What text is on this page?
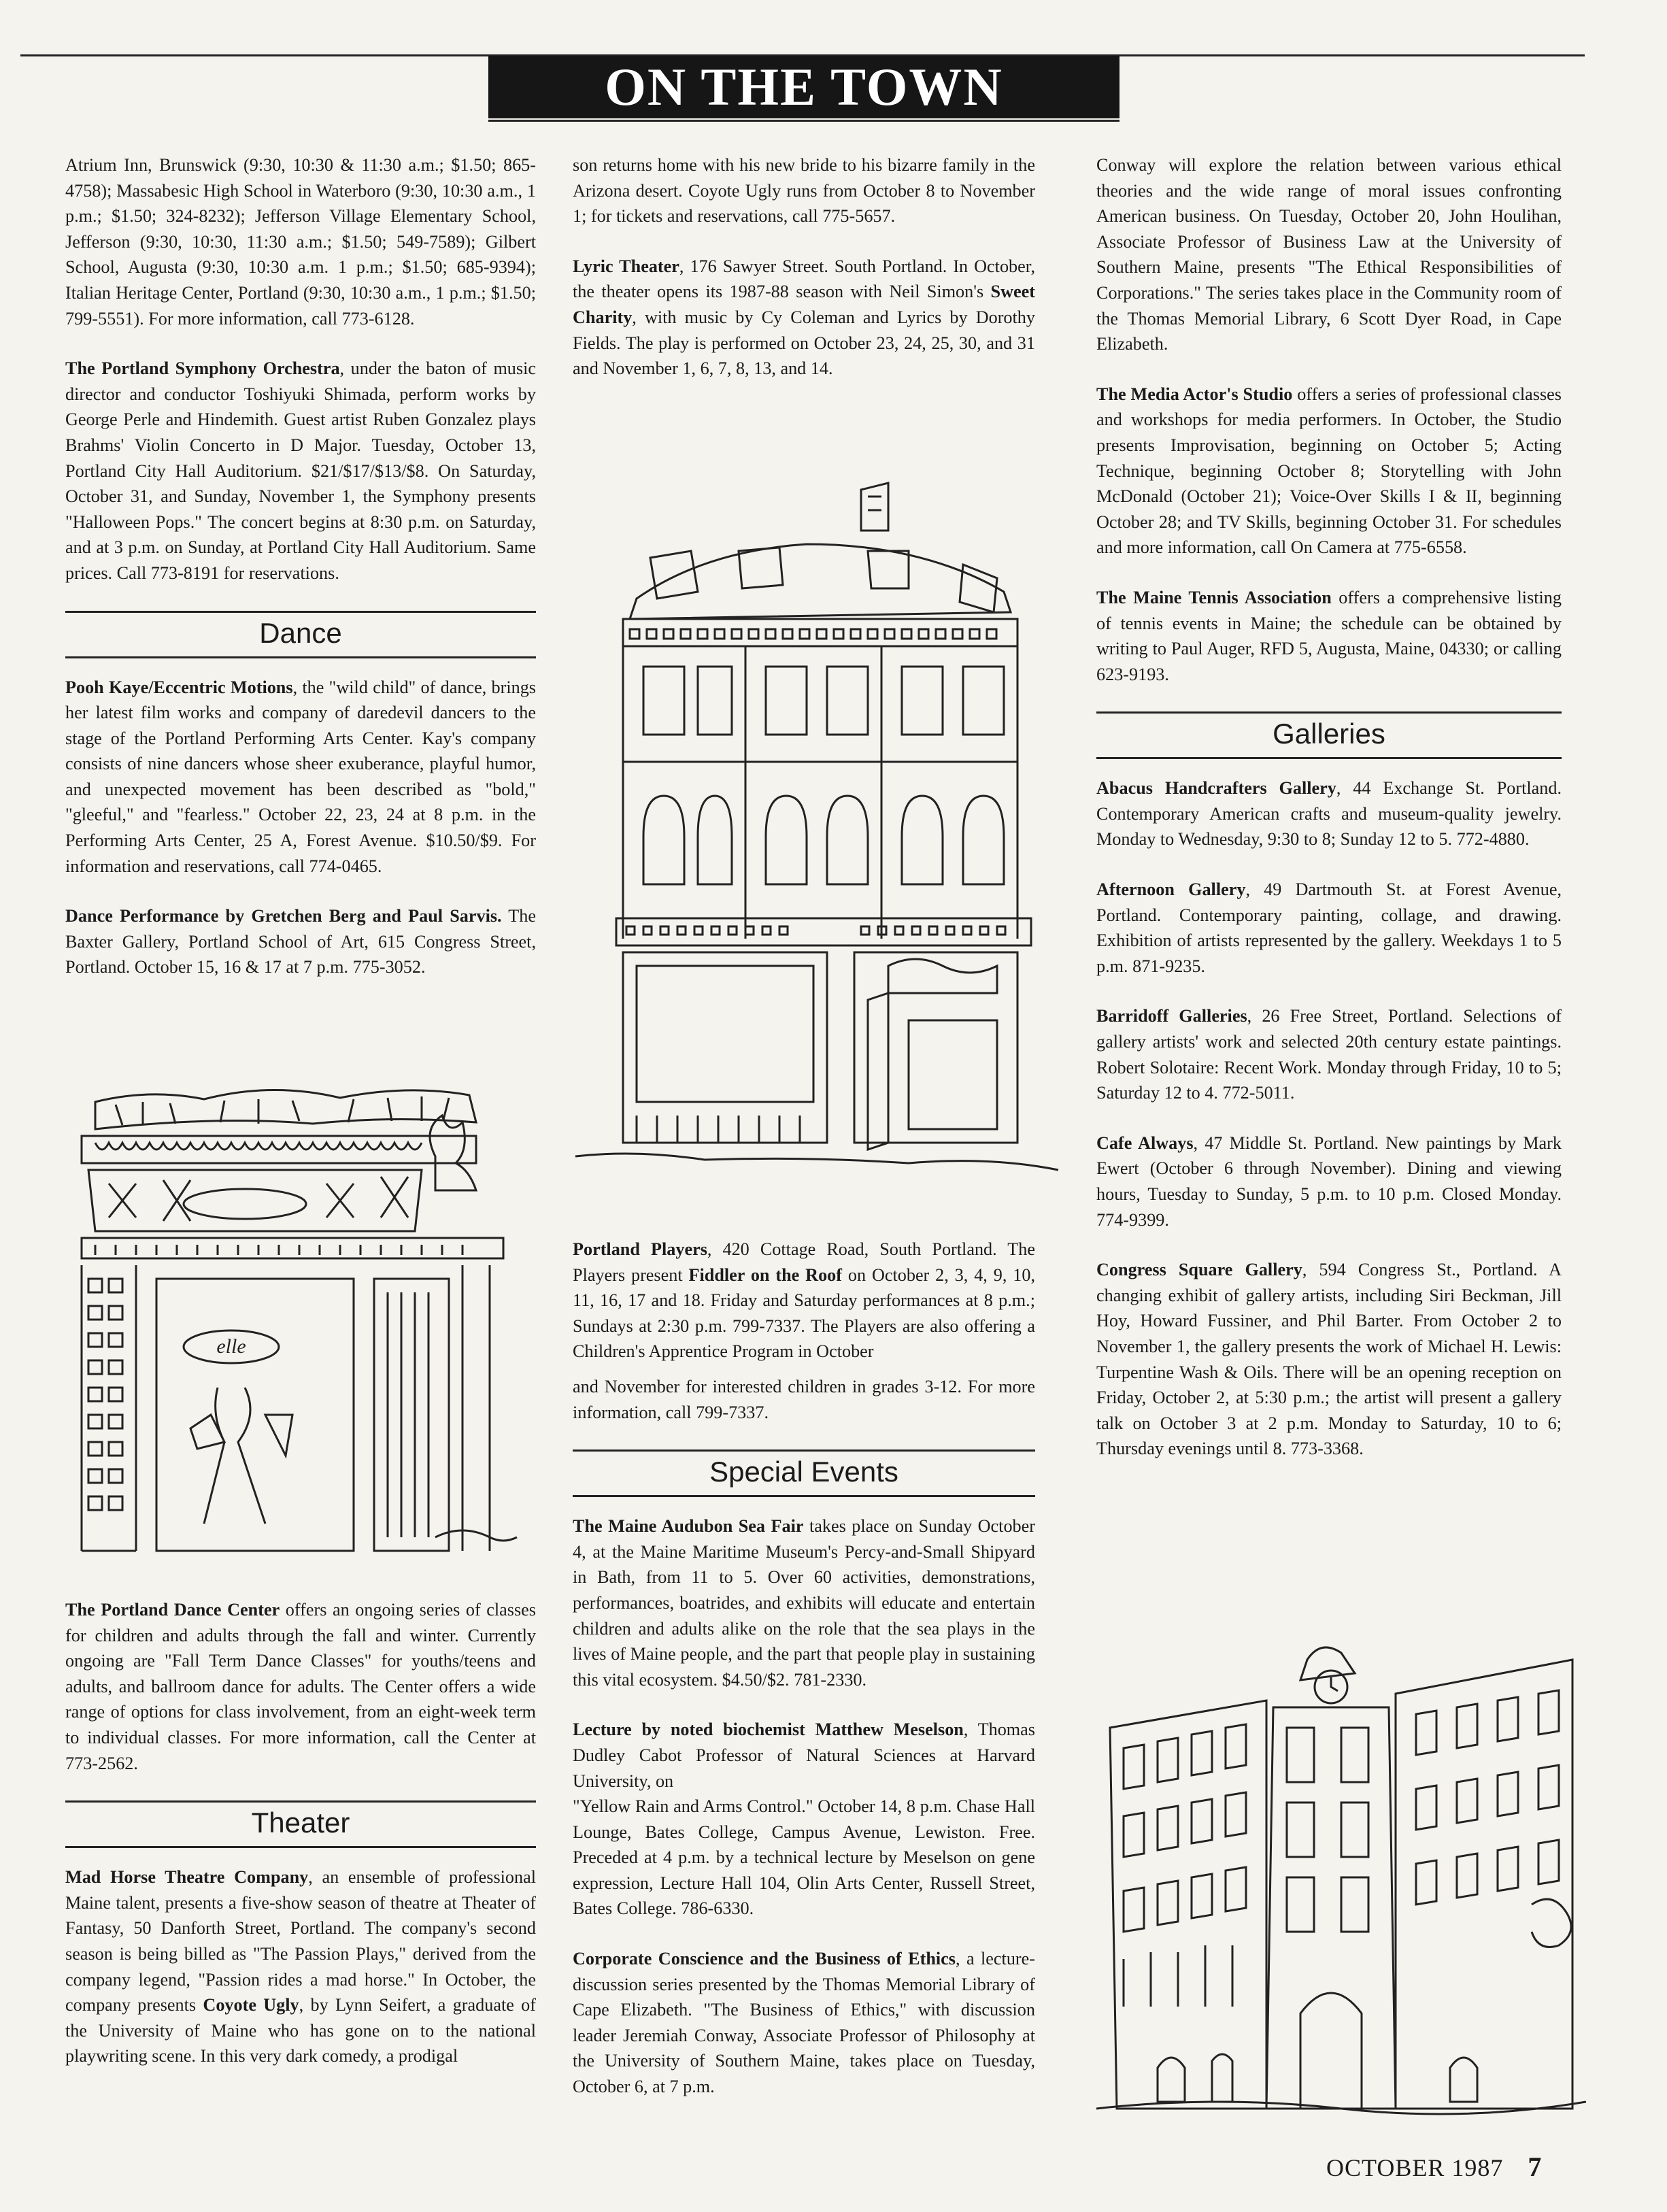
ON THE TOWN

Atrium Inn, Brunswick (9:30, 10:30 & 11:30 a.m.; $1.50; 865-4758); Massabesic High School in Waterboro (9:30, 10:30 a.m., 1 p.m.; $1.50; 324-8232); Jefferson Village Elementary School, Jefferson (9:30, 10:30, 11:30 a.m.; $1.50; 549-7589); Gilbert School, Augusta (9:30, 10:30 a.m. 1 p.m.; $1.50; 685-9394); Italian Heritage Center, Portland (9:30, 10:30 a.m., 1 p.m.; $1.50; 799-5551). For more information, call 773-6128.

The Portland Symphony Orchestra, under the baton of music director and conductor Toshiyuki Shimada, perform works by George Perle and Hindemith. Guest artist Ruben Gonzalez plays Brahms' Violin Concerto in D Major. Tuesday, October 13, Portland City Hall Auditorium. $21/$17/$13/$8. On Saturday, October 31, and Sunday, November 1, the Symphony presents "Halloween Pops." The concert begins at 8:30 p.m. on Saturday, and at 3 p.m. on Sunday, at Portland City Hall Auditorium. Same prices. Call 773-8191 for reservations.

Dance

Pooh Kaye/Eccentric Motions, the "wild child" of dance, brings her latest film works and company of daredevil dancers to the stage of the Portland Performing Arts Center. Kay's company consists of nine dancers whose sheer exuberance, playful humor, and unexpected movement has been described as "bold," "gleeful," and "fearless." October 22, 23, 24 at 8 p.m. in the Performing Arts Center, 25 A, Forest Avenue. $10.50/$9. For information and reservations, call 774-0465.

Dance Performance by Gretchen Berg and Paul Sarvis. The Baxter Gallery, Portland School of Art, 615 Congress Street, Portland. October 15, 16 & 17 at 7 p.m. 775-3052.

elle

The Portland Dance Center offers an ongoing series of classes for children and adults through the fall and winter. Currently ongoing are "Fall Term Dance Classes" for youths/teens and adults, and ballroom dance for adults. The Center offers a wide range of options for class involvement, from an eight-week term to individual classes. For more information, call the Center at 773-2562.

Theater

Mad Horse Theatre Company, an ensemble of professional Maine talent, presents a five-show season of theatre at Theater of Fantasy, 50 Danforth Street, Portland. The company's second season is being billed as "The Passion Plays," derived from the company legend, "Passion rides a mad horse." In October, the company presents Coyote Ugly, by Lynn Seifert, a graduate of the University of Maine who has gone on to the national playwriting scene. In this very dark comedy, a prodigal

son returns home with his new bride to his bizarre family in the Arizona desert. Coyote Ugly runs from October 8 to November 1; for tickets and reservations, call 775-5657.

Lyric Theater, 176 Sawyer Street. South Portland. In October, the theater opens its 1987-88 season with Neil Simon's Sweet Charity, with music by Cy Coleman and Lyrics by Dorothy Fields. The play is performed on October 23, 24, 25, 30, and 31 and November 1, 6, 7, 8, 13, and 14.

Portland Players, 420 Cottage Road, South Portland. The Players present Fiddler on the Roof on October 2, 3, 4, 9, 10, 11, 16, 17 and 18. Friday and Saturday performances at 8 p.m.; Sundays at 2:30 p.m. 799-7337. The Players are also offering a Children's Apprentice Program in October

and November for interested children in grades 3-12. For more information, call 799-7337.

Special Events

The Maine Audubon Sea Fair takes place on Sunday October 4, at the Maine Maritime Museum's Percy-and-Small Shipyard in Bath, from 11 to 5. Over 60 activities, demonstrations, performances, boatrides, and exhibits will educate and entertain children and adults alike on the role that the sea plays in the lives of Maine people, and the part that people play in sustaining this vital ecosystem. $4.50/$2. 781-2330.

Lecture by noted biochemist Matthew Meselson, Thomas Dudley Cabot Professor of Natural Sciences at Harvard University, on
"Yellow Rain and Arms Control." October 14, 8 p.m. Chase Hall Lounge, Bates College, Campus Avenue, Lewiston. Free. Preceded at 4 p.m. by a technical lecture by Meselson on gene expression, Lecture Hall 104, Olin Arts Center, Russell Street, Bates College. 786-6330.

Corporate Conscience and the Business of Ethics, a lecture-discussion series presented by the Thomas Memorial Library of Cape Elizabeth. "The Business of Ethics," with discussion leader Jeremiah Conway, Associate Professor of Philosophy at the University of Southern Maine, takes place on Tuesday, October 6, at 7 p.m.

Conway will explore the relation between various ethical theories and the wide range of moral issues confronting American business. On Tuesday, October 20, John Houlihan, Associate Professor of Business Law at the University of Southern Maine, presents "The Ethical Responsibilities of Corporations." The series takes place in the Community room of the Thomas Memorial Library, 6 Scott Dyer Road, in Cape Elizabeth.

The Media Actor's Studio offers a series of professional classes and workshops for media performers. In October, the Studio presents Improvisation, beginning on October 5; Acting Technique, beginning October 8; Storytelling with John McDonald (October 21); Voice-Over Skills I & II, beginning October 28; and TV Skills, beginning October 31. For schedules and more information, call On Camera at 775-6558.

The Maine Tennis Association offers a comprehensive listing of tennis events in Maine; the schedule can be obtained by writing to Paul Auger, RFD 5, Augusta, Maine, 04330; or calling 623-9193.

Galleries

Abacus Handcrafters Gallery, 44 Exchange St. Portland. Contemporary American crafts and museum-quality jewelry. Monday to Wednesday, 9:30 to 8; Sunday 12 to 5. 772-4880.

Afternoon Gallery, 49 Dartmouth St. at Forest Avenue, Portland. Contemporary painting, collage, and drawing. Exhibition of artists represented by the gallery. Weekdays 1 to 5 p.m. 871-9235.

Barridoff Galleries, 26 Free Street, Portland. Selections of gallery artists' work and selected 20th century estate paintings. Robert Solotaire: Recent Work. Monday through Friday, 10 to 5; Saturday 12 to 4. 772-5011.

Cafe Always, 47 Middle St. Portland. New paintings by Mark Ewert (October 6 through November). Dining and viewing hours, Tuesday to Sunday, 5 p.m. to 10 p.m. Closed Monday. 774-9399.

Congress Square Gallery, 594 Congress St., Portland. A changing exhibit of gallery artists, including Siri Beckman, Jill Hoy, Howard Fussiner, and Phil Barter. From October 2 to November 1, the gallery presents the work of Michael H. Lewis: Turpentine Wash & Oils. There will be an opening reception on Friday, October 2, at 5:30 p.m.; the artist will present a gallery talk on October 3 at 2 p.m. Monday to Saturday, 10 to 6; Thursday evenings until 8. 773-3368.

OCTOBER 1987 7
